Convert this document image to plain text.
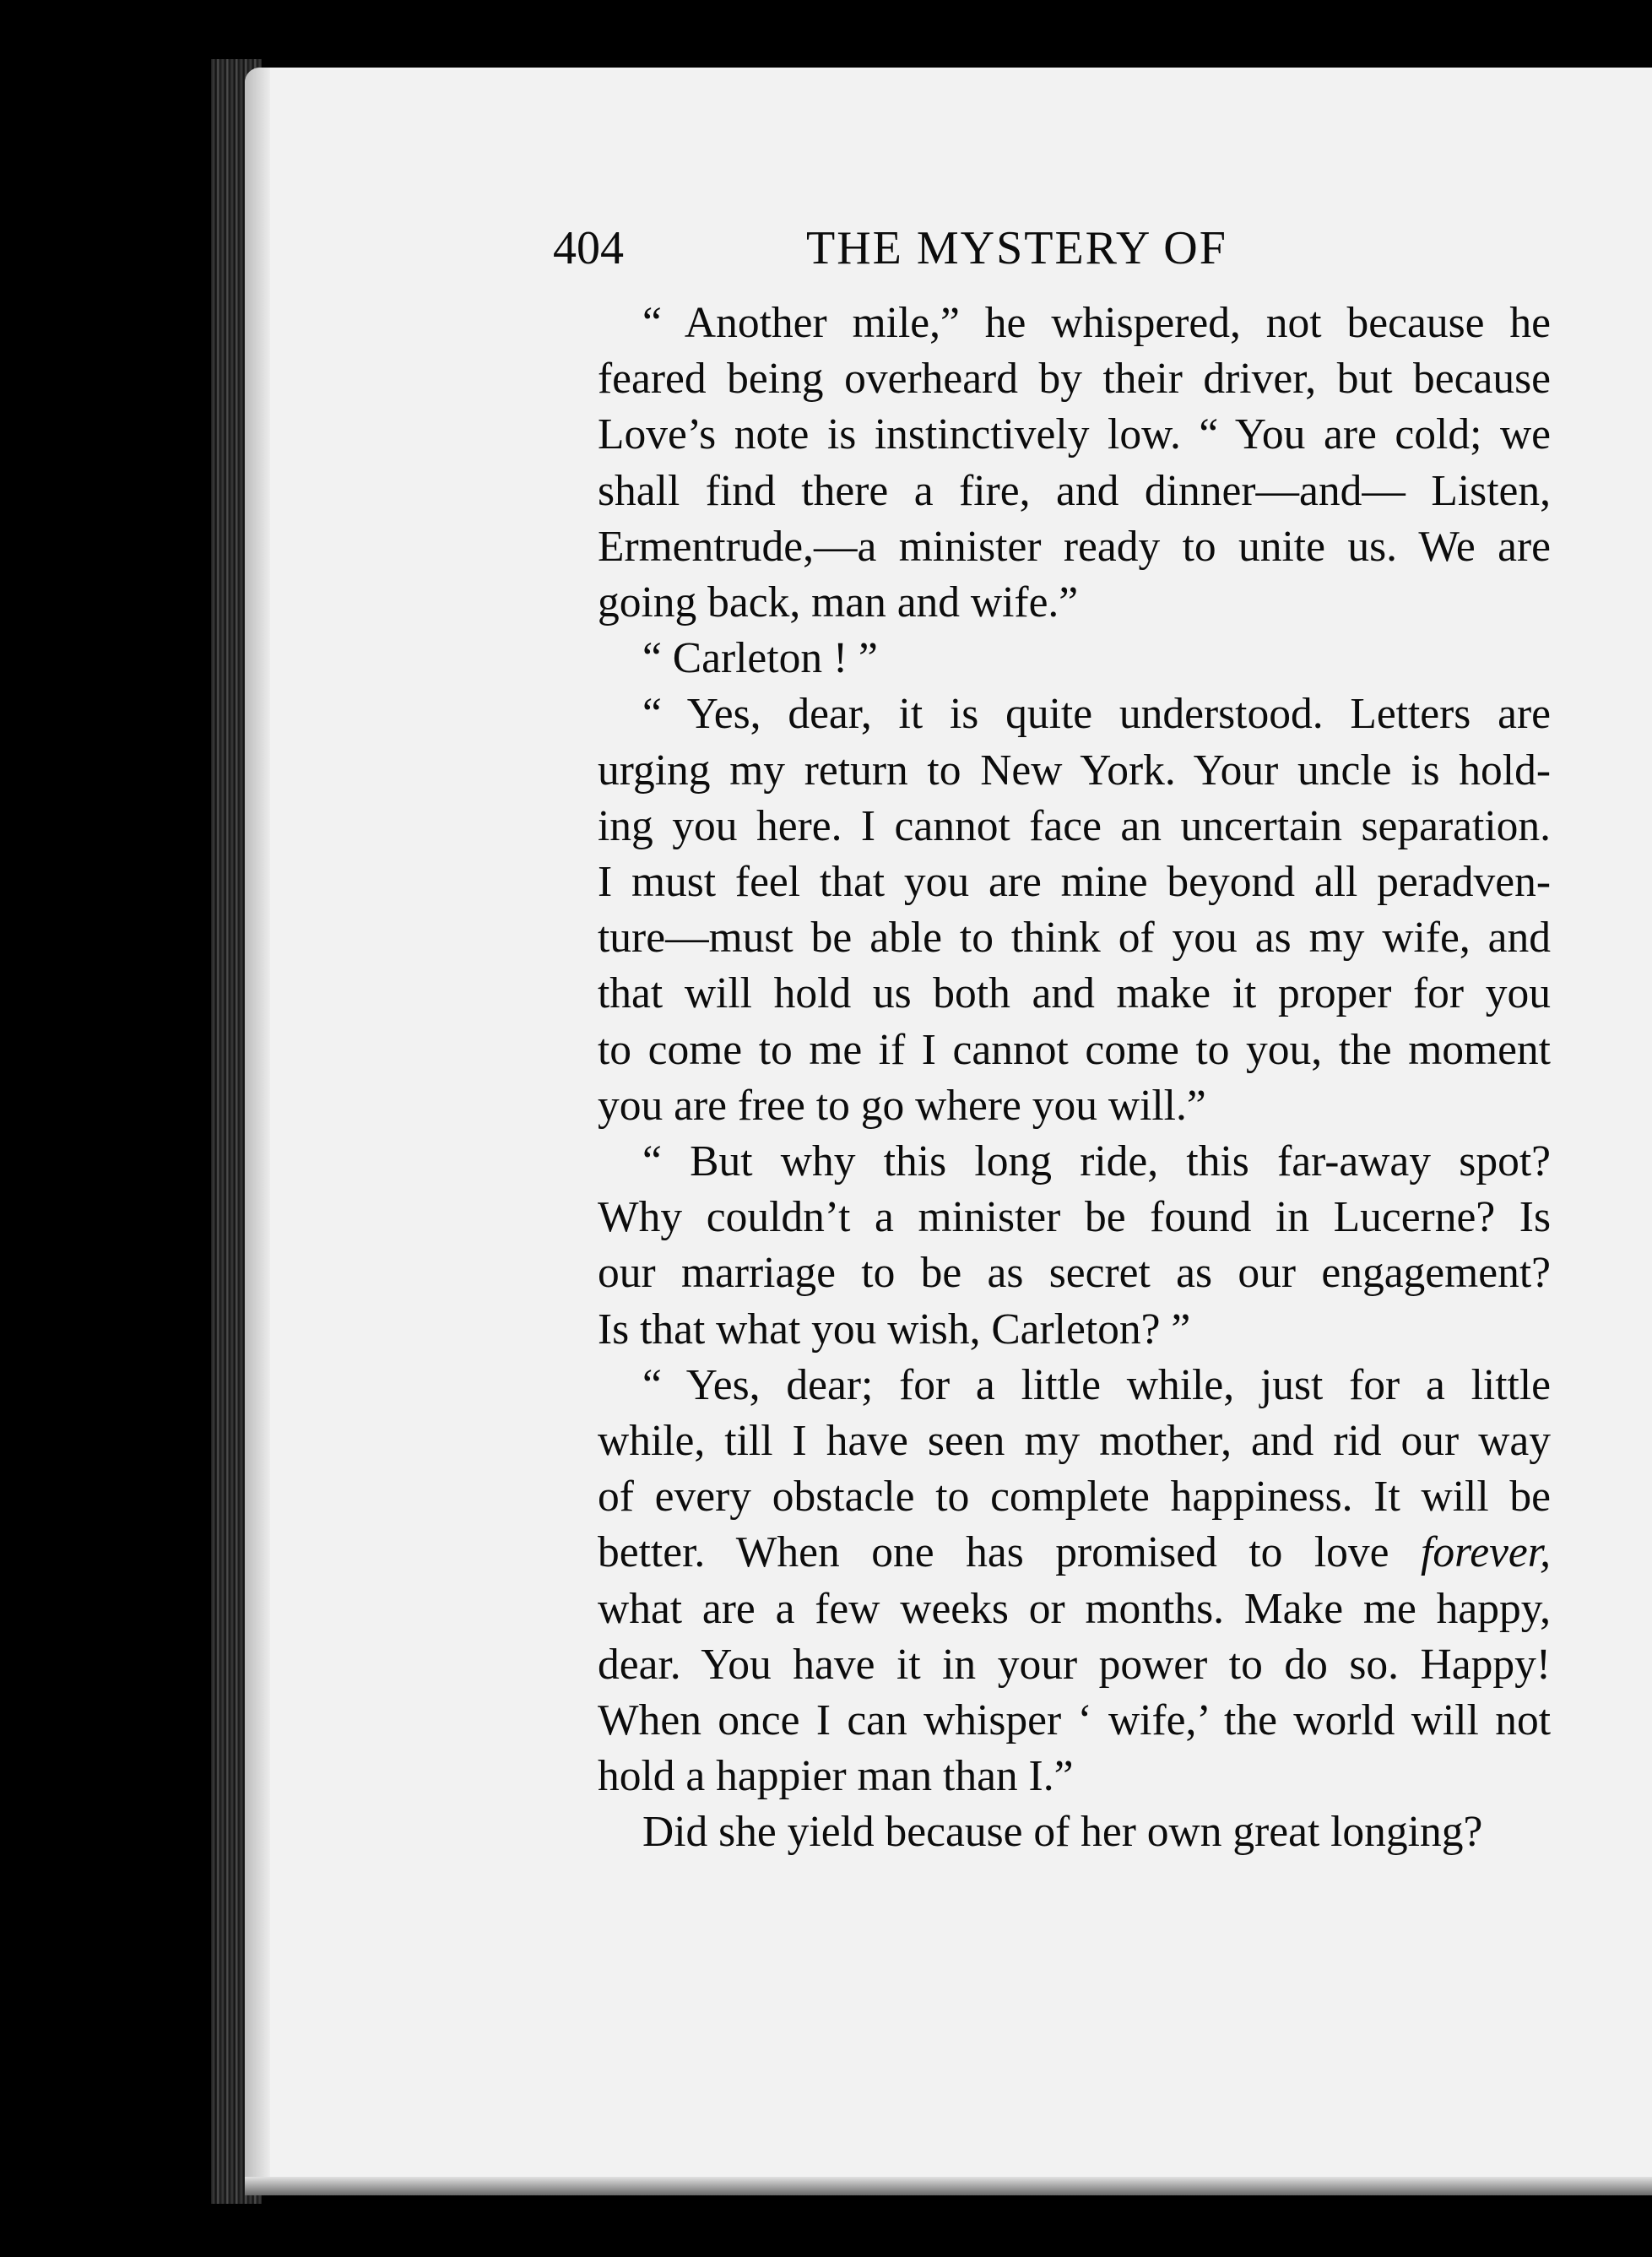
404	THE MYSTERY OF
“ Another mile,” he whispered, not because he
feared being overheard by their driver, but because
Love’s note is instinctively low. “ You are cold; we
shall find there a fire, and dinner—and— Listen,
Ermentrude,—a minister ready to unite us. We are
going back, man and wife.”
“ Carleton ! ”
“ Yes, dear, it is quite understood. Letters are
urging my return to New York. Your uncle is hold-
ing you here. I cannot face an uncertain separation.
I must feel that you are mine beyond all peradven-
ture—must be able to think of you as my wife, and
that will hold us both and make it proper for you
to come to me if I cannot come to you, the moment
you are free to go where you will.”
“ But why this long ride, this far-away spot?
Why couldn’t a minister be found in Lucerne? Is
our marriage to be as secret as our engagement?
Is that what you wish, Carleton? ”
“ Yes, dear; for a little while, just for a little
while, till I have seen my mother, and rid our way
of every obstacle to complete happiness. It will be
better. When one has promised to love forever,
what are a few weeks or months. Make me happy,
dear. You have it in your power to do so. Happy!
When once I can whisper ‘ wife,’ the world will not
hold a happier man than I.”
Did she yield because of her own great longing?
